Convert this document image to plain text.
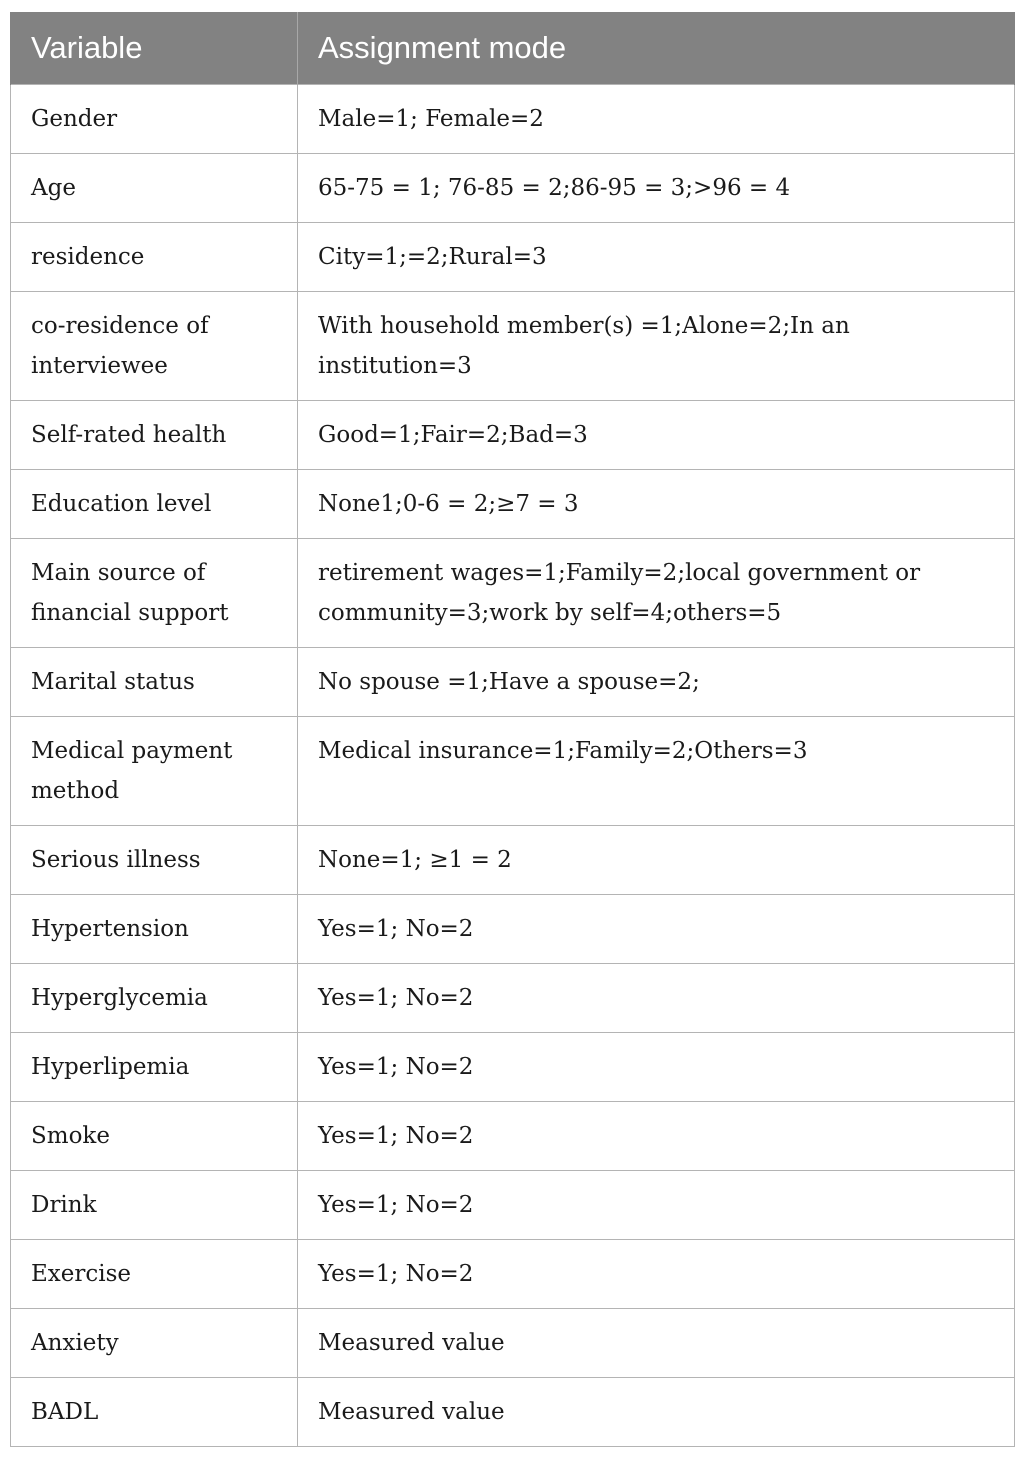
Variable	Assignment mode
Gender	Male=1; Female=2
Age	65-75 = 1; 76-85 = 2;86-95 = 3;>96 = 4
residence	City=1;=2;Rural=3
co-residence of interviewee	With household member(s) =1;Alone=2;In an institution=3
Self-rated health	Good=1;Fair=2;Bad=3
Education level	None1;0-6 = 2;≥7 = 3
Main source of financial support	retirement wages=1;Family=2;local government or community=3;work by self=4;others=5
Marital status	No spouse =1;Have a spouse=2;
Medical payment method	Medical insurance=1;Family=2;Others=3
Serious illness	None=1; ≥1 = 2
Hypertension	Yes=1; No=2
Hyperglycemia	Yes=1; No=2
Hyperlipemia	Yes=1; No=2
Smoke	Yes=1; No=2
Drink	Yes=1; No=2
Exercise	Yes=1; No=2
Anxiety	Measured value
BADL	Measured value
